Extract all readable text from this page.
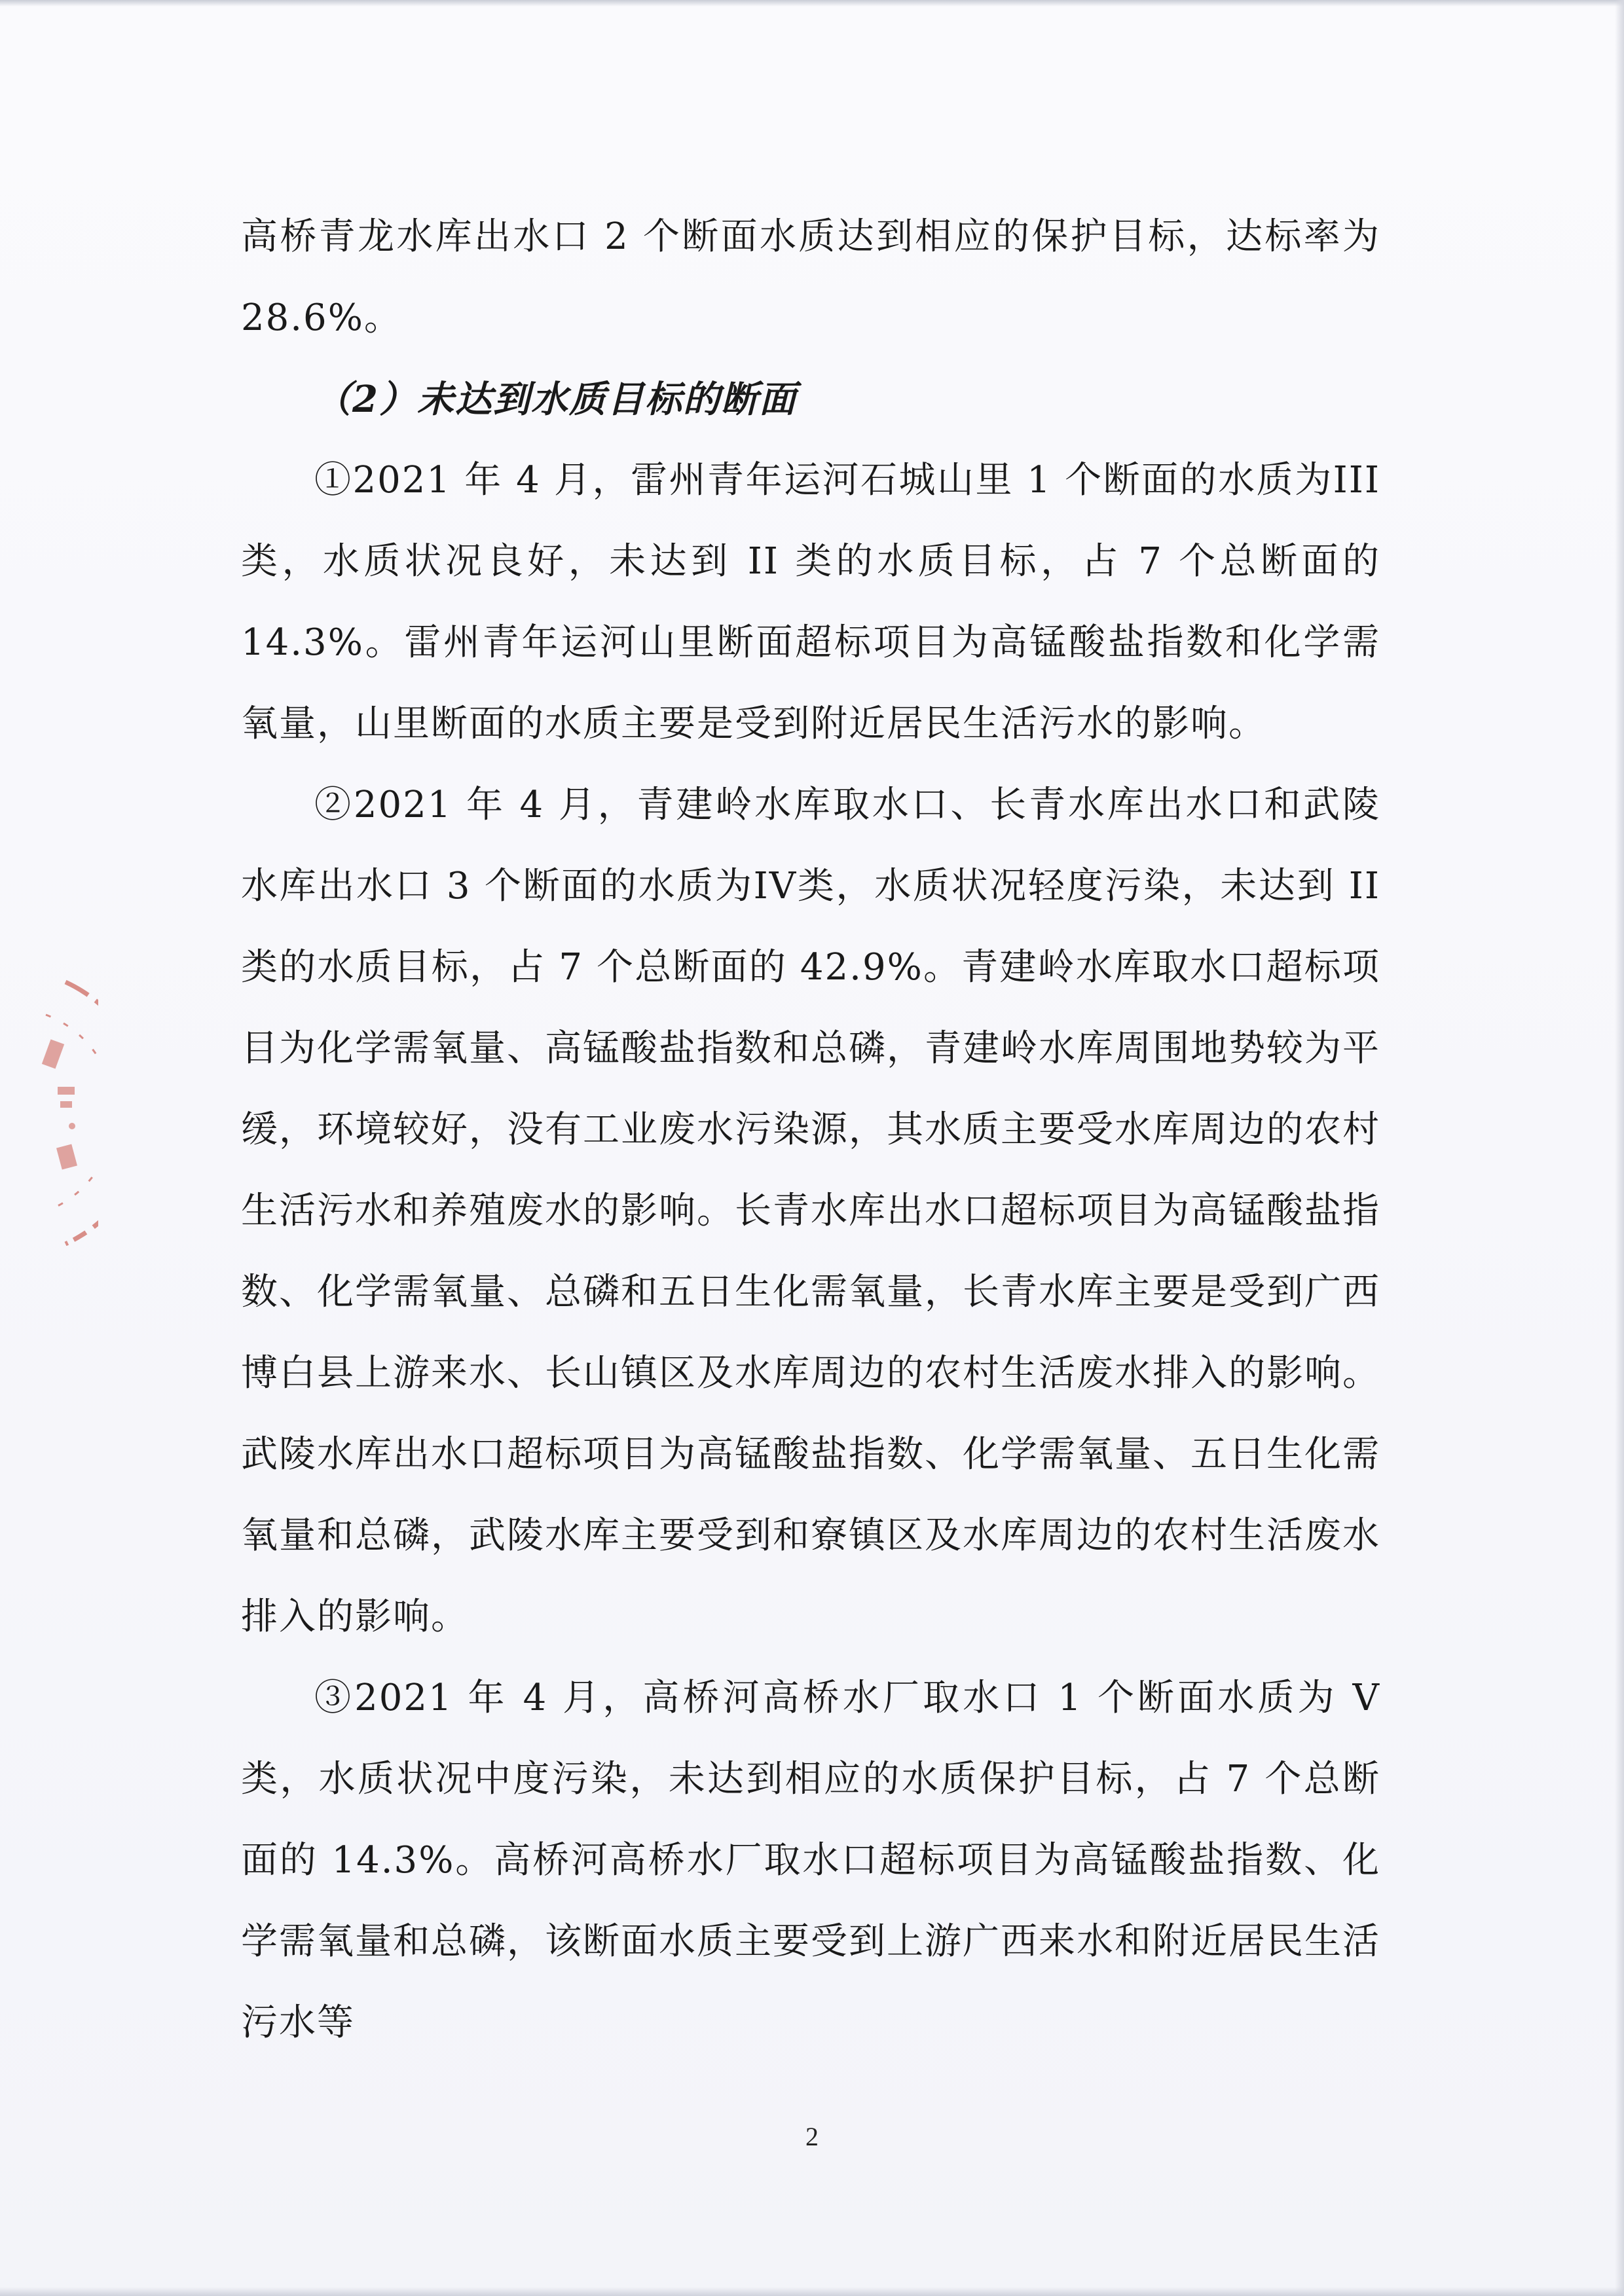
高桥青龙水库出水口 2 个断面水质达到相应的保护目标，达标率为28.6%。

（2）未达到水质目标的断面

①2021 年 4 月，雷州青年运河石城山里 1 个断面的水质为III类，水质状况良好，未达到 II 类的水质目标，占 7 个总断面的 14.3%。雷州青年运河山里断面超标项目为高锰酸盐指数和化学需氧量，山里断面的水质主要是受到附近居民生活污水的影响。

②2021 年 4 月，青建岭水库取水口、长青水库出水口和武陵水库出水口 3 个断面的水质为IV类，水质状况轻度污染，未达到 II 类的水质目标，占 7 个总断面的 42.9%。青建岭水库取水口超标项目为化学需氧量、高锰酸盐指数和总磷，青建岭水库周围地势较为平缓，环境较好，没有工业废水污染源，其水质主要受水库周边的农村生活污水和养殖废水的影响。长青水库出水口超标项目为高锰酸盐指数、化学需氧量、总磷和五日生化需氧量，长青水库主要是受到广西博白县上游来水、长山镇区及水库周边的农村生活废水排入的影响。武陵水库出水口超标项目为高锰酸盐指数、化学需氧量、五日生化需氧量和总磷，武陵水库主要受到和寮镇区及水库周边的农村生活废水排入的影响。

③2021 年 4 月，高桥河高桥水厂取水口 1 个断面水质为 V 类，水质状况中度污染，未达到相应的水质保护目标，占 7 个总断面的 14.3%。高桥河高桥水厂取水口超标项目为高锰酸盐指数、化学需氧量和总磷，该断面水质主要受到上游广西来水和附近居民生活污水等

2
